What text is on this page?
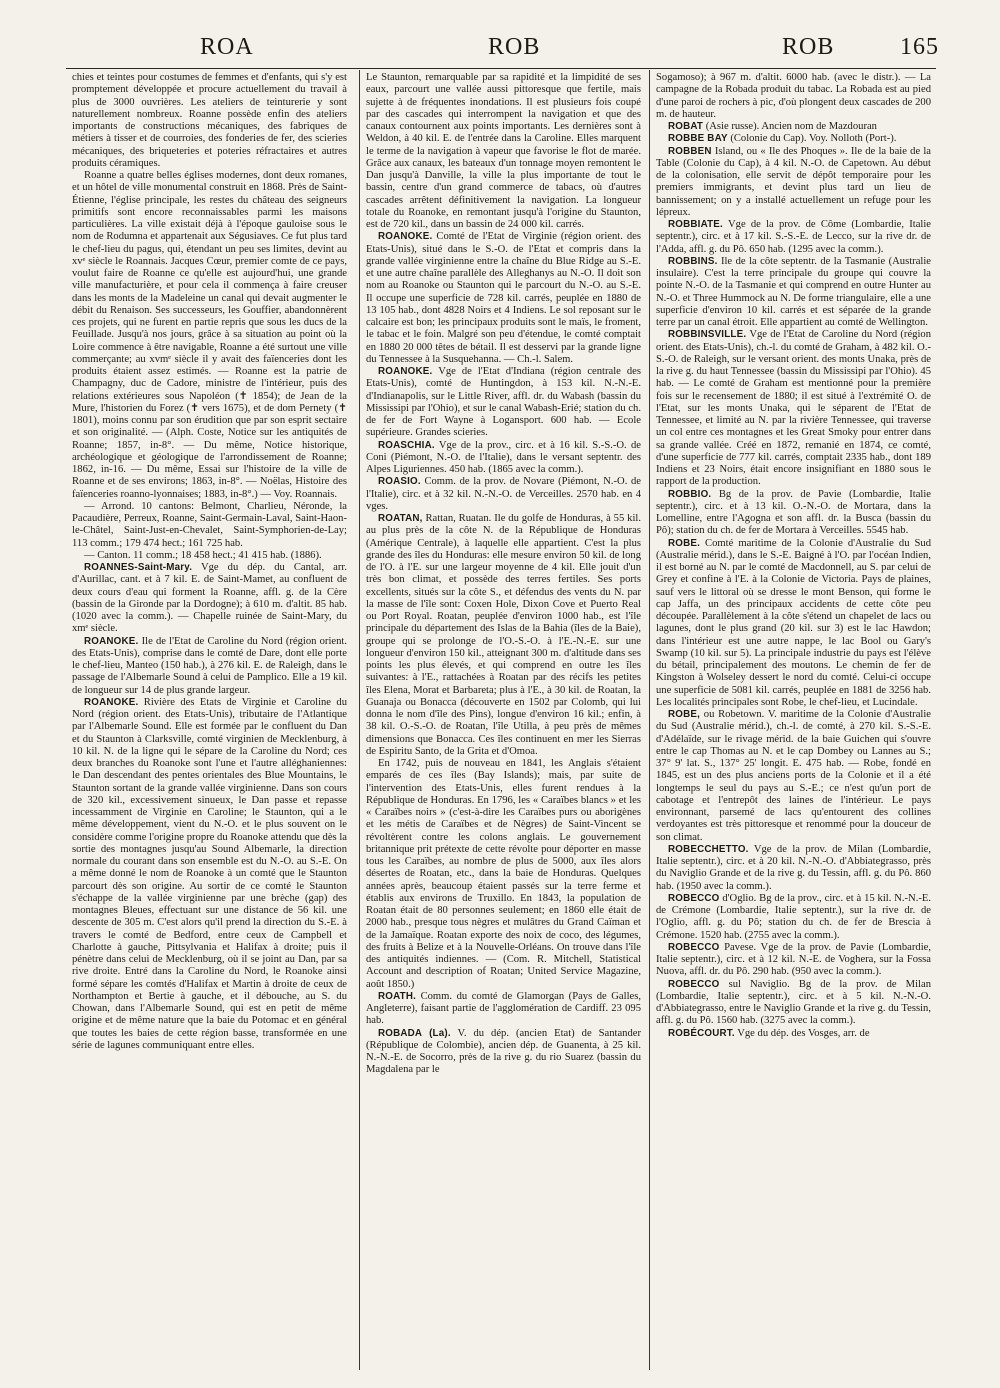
ROA	ROB	ROB	165

chies et teintes pour costumes de femmes et d'enfants, qui s'y est promptement développée et procure actuellement du travail à plus de 3000 ouvrières. Les ateliers de teinturerie y sont naturellement nombreux. Roanne possède enfin des ateliers importants de constructions mécaniques, des fabriques de métiers à tisser et de courroies, des fonderies de fer, des scieries mécaniques, des briqueteries et poteries réfractaires et autres produits céramiques.

Roanne a quatre belles églises modernes, dont deux romanes, et un hôtel de ville monumental construit en 1868. Près de Saint-Étienne, l'église principale, les restes du château des seigneurs primitifs sont encore reconnaissables parmi les maisons particulières. La ville existait déjà à l'époque gauloise sous le nom de Rodumna et appartenait aux Ségusiaves. Ce fut plus tard le chef-lieu du pagus, qui, étendant un peu ses limites, devint au xvᵉ siècle le Roannais. Jacques Cœur, premier comte de ce pays, voulut faire de Roanne ce qu'elle est aujourd'hui, une grande ville manufacturière, et pour cela il commença à faire creuser dans les monts de la Madeleine un canal qui devait augmenter le débit du Renaison. Ses successeurs, les Gouffier, abandonnèrent ces projets, qui ne furent en partie repris que sous les ducs de la Feuillade. Jusqu'à nos jours, grâce à sa situation au point où la Loire commence à être navigable, Roanne a été surtout une ville commerçante; au xvmᵉ siècle il y avait des faïenceries dont les produits étaient assez estimés. — Roanne est la patrie de Champagny, duc de Cadore, ministre de l'intérieur, puis des relations extérieures sous Napoléon (✝ 1854); de Jean de la Mure, l'historien du Forez (✝ vers 1675), et de dom Pernety (✝ 1801), moins connu par son érudition que par son esprit sectaire et son originalité. — (Alph. Coste, Notice sur les antiquités de Roanne; 1857, in-8°. — Du même, Notice historique, archéologique et géologique de l'arrondissement de Roanne; 1862, in-16. — Du même, Essai sur l'histoire de la ville de Roanne et de ses environs; 1863, in-8°. — Noëlas, Histoire des faïenceries roanno-lyonnaises; 1883, in-8°.) — Voy. Roannais.

— Arrond. 10 cantons: Belmont, Charlieu, Néronde, la Pacaudière, Perreux, Roanne, Saint-Germain-Laval, Saint-Haon-le-Châtel, Saint-Just-en-Chevalet, Saint-Symphorien-de-Lay; 113 comm.; 179 474 hect.; 161 725 hab.

— Canton. 11 comm.; 18 458 hect.; 41 415 hab. (1886).

ROANNES-Saint-Mary. Vge du dép. du Cantal, arr. d'Aurillac, cant. et à 7 kil. E. de Saint-Mamet, au confluent de deux cours d'eau qui forment la Roanne, affl. g. de la Cère (bassin de la Gironde par la Dordogne); à 610 m. d'altit. 85 hab. (1020 avec la comm.). — Chapelle ruinée de Saint-Mary, du xmᵉ siècle.

ROANOKE. Ile de l'Etat de Caroline du Nord (région orient. des Etats-Unis), comprise dans le comté de Dare, dont elle porte le chef-lieu, Manteo (150 hab.), à 276 kil. E. de Raleigh, dans le passage de l'Albemarle Sound à celui de Pamplico. Elle a 19 kil. de longueur sur 14 de plus grande largeur.

ROANOKE. Rivière des Etats de Virginie et Caroline du Nord (région orient. des Etats-Unis), tributaire de l'Atlantique par l'Albemarle Sound. Elle est formée par le confluent du Dan et du Staunton à Clarksville, comté virginien de Mecklenburg, à 10 kil. N. de la ligne qui le sépare de la Caroline du Nord; ces deux branches du Roanoke sont l'une et l'autre alléghaniennes: le Dan descendant des pentes orientales des Blue Mountains, le Staunton sortant de la grande vallée virginienne. Dans son cours de 320 kil., excessivement sinueux, le Dan passe et repasse incessamment de Virginie en Caroline; le Staunton, qui a le même développement, vient du N.-O. et le plus souvent on le considère comme l'origine propre du Roanoke attendu que dès la sortie des montagnes jusqu'au Sound Albemarle, la direction normale du courant dans son ensemble est du N.-O. au S.-E. On a même donné le nom de Roanoke à un comté que le Staunton parcourt dès son origine. Au sortir de ce comté le Staunton s'échappe de la vallée virginienne par une brèche (gap) des montagnes Bleues, effectuant sur une distance de 56 kil. une descente de 305 m. C'est alors qu'il prend la direction du S.-E. à travers le comté de Bedford, entre ceux de Campbell et Charlotte à gauche, Pittsylvania et Halifax à droite; puis il pénètre dans celui de Mecklenburg, où il se joint au Dan, par sa rive droite. Entré dans la Caroline du Nord, le Roanoke ainsi formé sépare les comtés d'Halifax et Martin à droite de ceux de Northampton et Bertie à gauche, et il débouche, au S. du Chowan, dans l'Albemarle Sound, qui est en petit de même origine et de même nature que la baie du Potomac et en général que toutes les baies de cette région basse, transformée en une série de lagunes communiquant entre elles.

Le Staunton, remarquable par sa rapidité et la limpidité de ses eaux, parcourt une vallée aussi pittoresque que fertile, mais sujette à de fréquentes inondations. Il est plusieurs fois coupé par des cascades qui interrompent la navigation et que des canaux contournent aux points importants. Les dernières sont à Weldon, à 40 kil. E. de l'entrée dans la Caroline. Elles marquent le terme de la navigation à vapeur que favorise le flot de marée. Grâce aux canaux, les bateaux d'un tonnage moyen remontent le Dan jusqu'à Danville, la ville la plus importante de tout le bassin, centre d'un grand commerce de tabacs, où d'autres cascades arrêtent définitivement la navigation. La longueur totale du Roanoke, en remontant jusqu'à l'origine du Staunton, est de 720 kil., dans un bassin de 24 000 kil. carrés.

ROANOKE. Comté de l'Etat de Virginie (région orient. des Etats-Unis), situé dans le S.-O. de l'Etat et compris dans la grande vallée virginienne entre la chaîne du Blue Ridge au S.-E. et une autre chaîne parallèle des Alleghanys au N.-O. Il doit son nom au Roanoke ou Staunton qui le parcourt du N.-O. au S.-E. Il occupe une superficie de 728 kil. carrés, peuplée en 1880 de 13 105 hab., dont 4828 Noirs et 4 Indiens. Le sol reposant sur le calcaire est bon; les principaux produits sont le maïs, le froment, le tabac et le foin. Malgré son peu d'étendue, le comté comptait en 1880 20 000 têtes de bétail. Il est desservi par la grande ligne du Tennessee à la Susquehanna. — Ch.-l. Salem.

ROANOKE. Vge de l'Etat d'Indiana (région centrale des Etats-Unis), comté de Huntingdon, à 153 kil. N.-N.-E. d'Indianapolis, sur le Little River, affl. dr. du Wabash (bassin du Mississipi par l'Ohio), et sur le canal Wabash-Erié; station du ch. de fer de Fort Wayne à Logansport. 600 hab. — Ecole supérieure. Grandes scieries.

ROASCHIA. Vge de la prov., circ. et à 16 kil. S.-S.-O. de Coni (Piémont, N.-O. de l'Italie), dans le versant septentr. des Alpes Liguriennes. 450 hab. (1865 avec la comm.).

ROASIO. Comm. de la prov. de Novare (Piémont, N.-O. de l'Italie), circ. et à 32 kil. N.-N.-O. de Verceilles. 2570 hab. en 4 vges.

ROATAN, Rattan, Ruatan. Ile du golfe de Honduras, à 55 kil. au plus près de la côte N. de la République de Honduras (Amérique Centrale), à laquelle elle appartient. C'est la plus grande des îles du Honduras: elle mesure environ 50 kil. de long de l'O. à l'E. sur une largeur moyenne de 4 kil. Elle jouit d'un très bon climat, et possède des terres fertiles. Ses ports excellents, situés sur la côte S., et défendus des vents du N. par la masse de l'île sont: Coxen Hole, Dixon Cove et Puerto Real ou Port Royal. Roatan, peuplée d'environ 1000 hab., est l'île principale du département des Islas de la Bahia (îles de la Baie), groupe qui se prolonge de l'O.-S.-O. à l'E.-N.-E. sur une longueur d'environ 150 kil., atteignant 300 m. d'altitude dans ses points les plus élevés, et qui comprend en outre les îles suivantes: à l'E., rattachées à Roatan par des récifs les petites îles Elena, Morat et Barbareta; plus à l'E., à 30 kil. de Roatan, la Guanaja ou Bonacca (découverte en 1502 par Colomb, qui lui donna le nom d'île des Pins), longue d'environ 16 kil.; enfin, à 38 kil. O.-S.-O. de Roatan, l'île Utilla, à peu près de mêmes dimensions que Bonacca. Ces îles continuent en mer les Sierras de Espiritu Santo, de la Grita et d'Omoa.

En 1742, puis de nouveau en 1841, les Anglais s'étaient emparés de ces îles (Bay Islands); mais, par suite de l'intervention des Etats-Unis, elles furent rendues à la République de Honduras. En 1796, les « Caraïbes blancs » et les « Caraïbes noirs » (c'est-à-dire les Caraïbes purs ou aborigènes et les métis de Caraïbes et de Nègres) de Saint-Vincent se révoltèrent contre les colons anglais. Le gouvernement britannique prit prétexte de cette révolte pour déporter en masse tous les Caraïbes, au nombre de plus de 5000, aux îles alors désertes de Roatan, etc., dans la baie de Honduras. Quelques années après, beaucoup étaient passés sur la terre ferme et établis aux environs de Truxillo. En 1843, la population de Roatan était de 80 personnes seulement; en 1860 elle était de 2000 hab., presque tous nègres et mulâtres du Grand Caïman et de la Jamaïque. Roatan exporte des noix de coco, des légumes, des fruits à Belize et à la Nouvelle-Orléans. On trouve dans l'île des antiquités indiennes. — (Com. R. Mitchell, Statistical Account and description of Roatan; United Service Magazine, août 1850.)

ROATH. Comm. du comté de Glamorgan (Pays de Galles, Angleterre), faisant partie de l'agglomération de Cardiff. 23 095 hab.

ROBADA (La). V. du dép. (ancien Etat) de Santander (République de Colombie), ancien dép. de Guanenta, à 25 kil. N.-N.-E. de Socorro, près de la rive g. du rio Suarez (bassin du Magdalena par le

Sogamoso); à 967 m. d'altit. 6000 hab. (avec le distr.). — La campagne de la Robada produit du tabac. La Robada est au pied d'une paroi de rochers à pic, d'où plongent deux cascades de 200 m. de hauteur.

ROBAT (Asie russe). Ancien nom de Mazdouran

ROBBE BAY (Colonie du Cap). Voy. Nolloth (Port-).

ROBBEN Island, ou « Ile des Phoques ». Ile de la baie de la Table (Colonie du Cap), à 4 kil. N.-O. de Capetown. Au début de la colonisation, elle servit de dépôt temporaire pour les premiers immigrants, et devint plus tard un lieu de bannissement; on y a installé actuellement un refuge pour les lépreux.

ROBBIATE. Vge de la prov. de Côme (Lombardie, Italie septentr.), circ. et à 17 kil. S.-S.-E. de Lecco, sur la rive dr. de l'Adda, affl. g. du Pô. 650 hab. (1295 avec la comm.).

ROBBINS. Ile de la côte septentr. de la Tasmanie (Australie insulaire). C'est la terre principale du groupe qui couvre la pointe N.-O. de la Tasmanie et qui comprend en outre Hunter au N.-O. et Three Hummock au N. De forme triangulaire, elle a une superficie d'environ 10 kil. carrés et est séparée de la grande terre par un canal étroit. Elle appartient au comté de Wellington.

ROBBINSVILLE. Vge de l'Etat de Caroline du Nord (région orient. des Etats-Unis), ch.-l. du comté de Graham, à 482 kil. O.-S.-O. de Raleigh, sur le versant orient. des monts Unaka, près de la rive g. du haut Tennessee (bassin du Mississipi par l'Ohio). 45 hab. — Le comté de Graham est mentionné pour la première fois sur le recensement de 1880; il est situé à l'extrémité O. de l'Etat, sur les monts Unaka, qui le séparent de l'Etat de Tennessee, et limité au N. par la rivière Tennessee, qui traverse un col entre ces montagnes et les Great Smoky pour entrer dans sa grande vallée. Créé en 1872, remanié en 1874, ce comté, d'une superficie de 777 kil. carrés, comptait 2335 hab., dont 189 Indiens et 23 Noirs, était encore insignifiant en 1880 sous le rapport de la production.

ROBBIO. Bg de la prov. de Pavie (Lombardie, Italie septentr.), circ. et à 13 kil. O.-N.-O. de Mortara, dans la Lomelline, entre l'Agogna et son affl. dr. la Busca (bassin du Pô); station du ch. de fer de Mortara à Verceilles. 5545 hab.

ROBE. Comté maritime de la Colonie d'Australie du Sud (Australie mérid.), dans le S.-E. Baigné à l'O. par l'océan Indien, il est borné au N. par le comté de Macdonnell, au S. par celui de Grey et confine à l'E. à la Colonie de Victoria. Pays de plaines, sauf vers le littoral où se dresse le mont Benson, qui forme le cap Jaffa, un des principaux accidents de cette côte peu découpée. Parallèlement à la côte s'étend un chapelet de lacs ou lagunes, dont le plus grand (20 kil. sur 3) est le lac Hawdon; dans l'intérieur est une autre nappe, le lac Bool ou Gary's Swamp (10 kil. sur 5). La principale industrie du pays est l'élève du bétail, principalement des moutons. Le chemin de fer de Kingston à Wolseley dessert le nord du comté. Celui-ci occupe une superficie de 5081 kil. carrés, peuplée en 1881 de 3256 hab. Les localités principales sont Robe, le chef-lieu, et Lucindale.

ROBE, ou Robetown. V. maritime de la Colonie d'Australie du Sud (Australie mérid.), ch.-l. de comté, à 270 kil. S.-S.-E. d'Adélaïde, sur le rivage mérid. de la baie Guichen qui s'ouvre entre le cap Thomas au N. et le cap Dombey ou Lannes au S.; 37° 9' lat. S., 137° 25' longit. E. 475 hab. — Robe, fondé en 1845, est un des plus anciens ports de la Colonie et il a été longtemps le seul du pays au S.-E.; ce n'est qu'un port de cabotage et l'entrepôt des laines de l'intérieur. Le pays environnant, parsemé de lacs qu'entourent des collines verdoyantes est très pittoresque et renommé pour la douceur de son climat.

ROBECCHETTO. Vge de la prov. de Milan (Lombardie, Italie septentr.), circ. et à 20 kil. N.-N.-O. d'Abbiategrasso, près du Naviglio Grande et de la rive g. du Tessin, affl. g. du Pô. 860 hab. (1950 avec la comm.).

ROBECCO d'Oglio. Bg de la prov., circ. et à 15 kil. N.-N.-E. de Crémone (Lombardie, Italie septentr.), sur la rive dr. de l'Oglio, affl. g. du Pô; station du ch. de fer de Brescia à Crémone. 1520 hab. (2755 avec la comm.).

ROBECCO Pavese. Vge de la prov. de Pavie (Lombardie, Italie septentr.), circ. et à 12 kil. N.-E. de Voghera, sur la Fossa Nuova, affl. dr. du Pô. 290 hab. (950 avec la comm.).

ROBECCO sul Naviglio. Bg de la prov. de Milan (Lombardie, Italie septentr.), circ. et à 5 kil. N.-N.-O. d'Abbiategrasso, entre le Naviglio Grande et la rive g. du Tessin, affl. g. du Pô. 1560 hab. (3275 avec la comm.).

ROBÉCOURT. Vge du dép. des Vosges, arr. de
